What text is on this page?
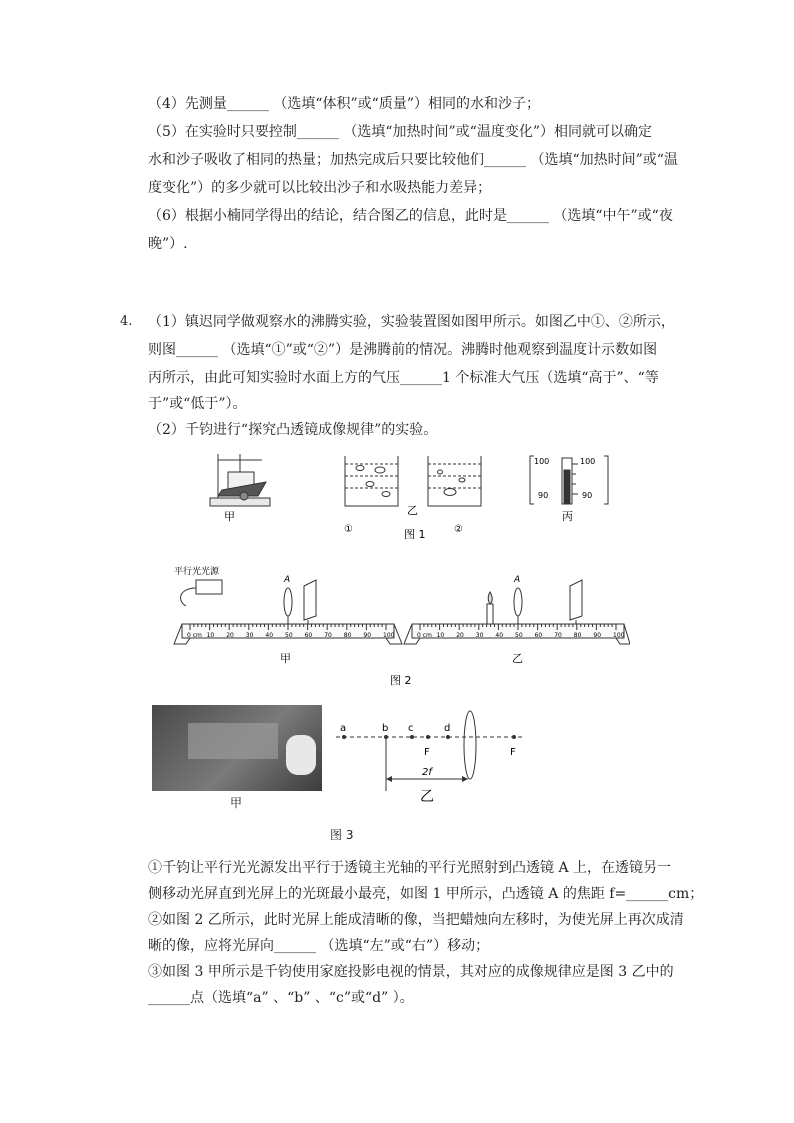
（4）先测量______ （选填“体积”或“质量”）相同的水和沙子；
（5）在实验时只要控制______ （选填“加热时间”或“温度变化”）相同就可以确定
水和沙子吸收了相同的热量；加热完成后只要比较他们______ （选填“加热时间”或“温
度变化”）的多少就可以比较出沙子和水吸热能力差异；
（6）根据小楠同学得出的结论，结合图乙的信息，此时是______ （选填“中午”或“夜
晚”）.
4. （1）镇迟同学做观察水的沸腾实验，实验装置图如图甲所示。如图乙中①、②所示，
则图______ （选填“①”或“②”）是沸腾前的情况。沸腾时他观察到温度计示数如图
丙所示，由此可知实验时水面上方的气压______1 个标准大气压（选填“高于”、“等
于”或“低于”）。
（2）千钧进行“探究凸透镜成像规律”的实验。
甲	乙
①	②
图 1
100	100
90	90
丙
平行光光源
A
甲
A
乙
图 2
0 cm 10 20 30 40 50 60 70 80 90 100	0 cm 10 20 30 40 50 60 70 80 90 100
甲
a	b c	d
F	F
2f
乙
图 3
①千钧让平行光光源发出平行于透镜主光轴的平行光照射到凸透镜 A 上，在透镜另一
侧移动光屏直到光屏上的光斑最小最亮，如图 1 甲所示，凸透镜 A 的焦距 f=______cm；
②如图 2 乙所示，此时光屏上能成清晰的像，当把蜡烛向左移时，为使光屏上再次成清
晰的像，应将光屏向______ （选填“左”或“右”）移动；
③如图 3 甲所示是千钧使用家庭投影电视的情景，其对应的成像规律应是图 3 乙中的
______点（选填“a” 、“b” 、“c”或“d” ）。
